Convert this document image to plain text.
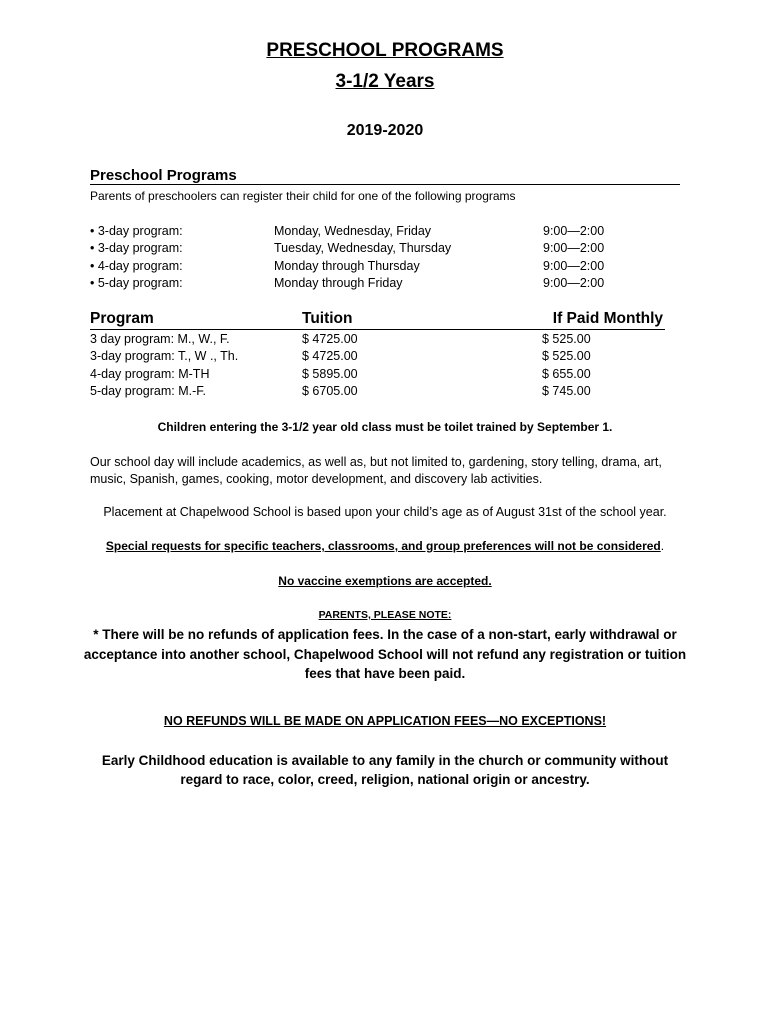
PRESCHOOL PROGRAMS
3-1/2 Years
2019-2020
Preschool Programs
Parents of preschoolers can register their child for one of the following programs
• 3-day program:	Monday, Wednesday, Friday	9:00—2:00
• 3-day program:	Tuesday, Wednesday, Thursday	9:00—2:00
• 4-day program:	Monday through Thursday	9:00—2:00
• 5-day program:	Monday through Friday	9:00—2:00
Program	Tuition	If Paid Monthly
3 day program: M., W., F.	$ 4725.00	$ 525.00
3-day program: T., W ., Th.	$ 4725.00	$ 525.00
4-day program: M-TH	$ 5895.00	$ 655.00
5-day program: M.-F.	$ 6705.00	$ 745.00
Children entering the 3-1/2 year old class must be toilet trained by September 1.
Our school day will include academics, as well as, but not limited to, gardening, story telling, drama, art, music, Spanish, games, cooking, motor development, and discovery lab activities.
Placement at Chapelwood School is based upon your child’s age as of August 31st of the school year.
Special requests for specific teachers, classrooms, and group preferences will not be considered.
No vaccine exemptions are accepted.
PARENTS, PLEASE NOTE:
* There will be no refunds of application fees. In the case of a non-start, early withdrawal or acceptance into another school, Chapelwood School will not refund any registration or tuition fees that have been paid.
NO REFUNDS WILL BE MADE ON APPLICATION FEES—NO EXCEPTIONS!
Early Childhood education is available to any family in the church or community without regard to race, color, creed, religion, national origin or ancestry.
